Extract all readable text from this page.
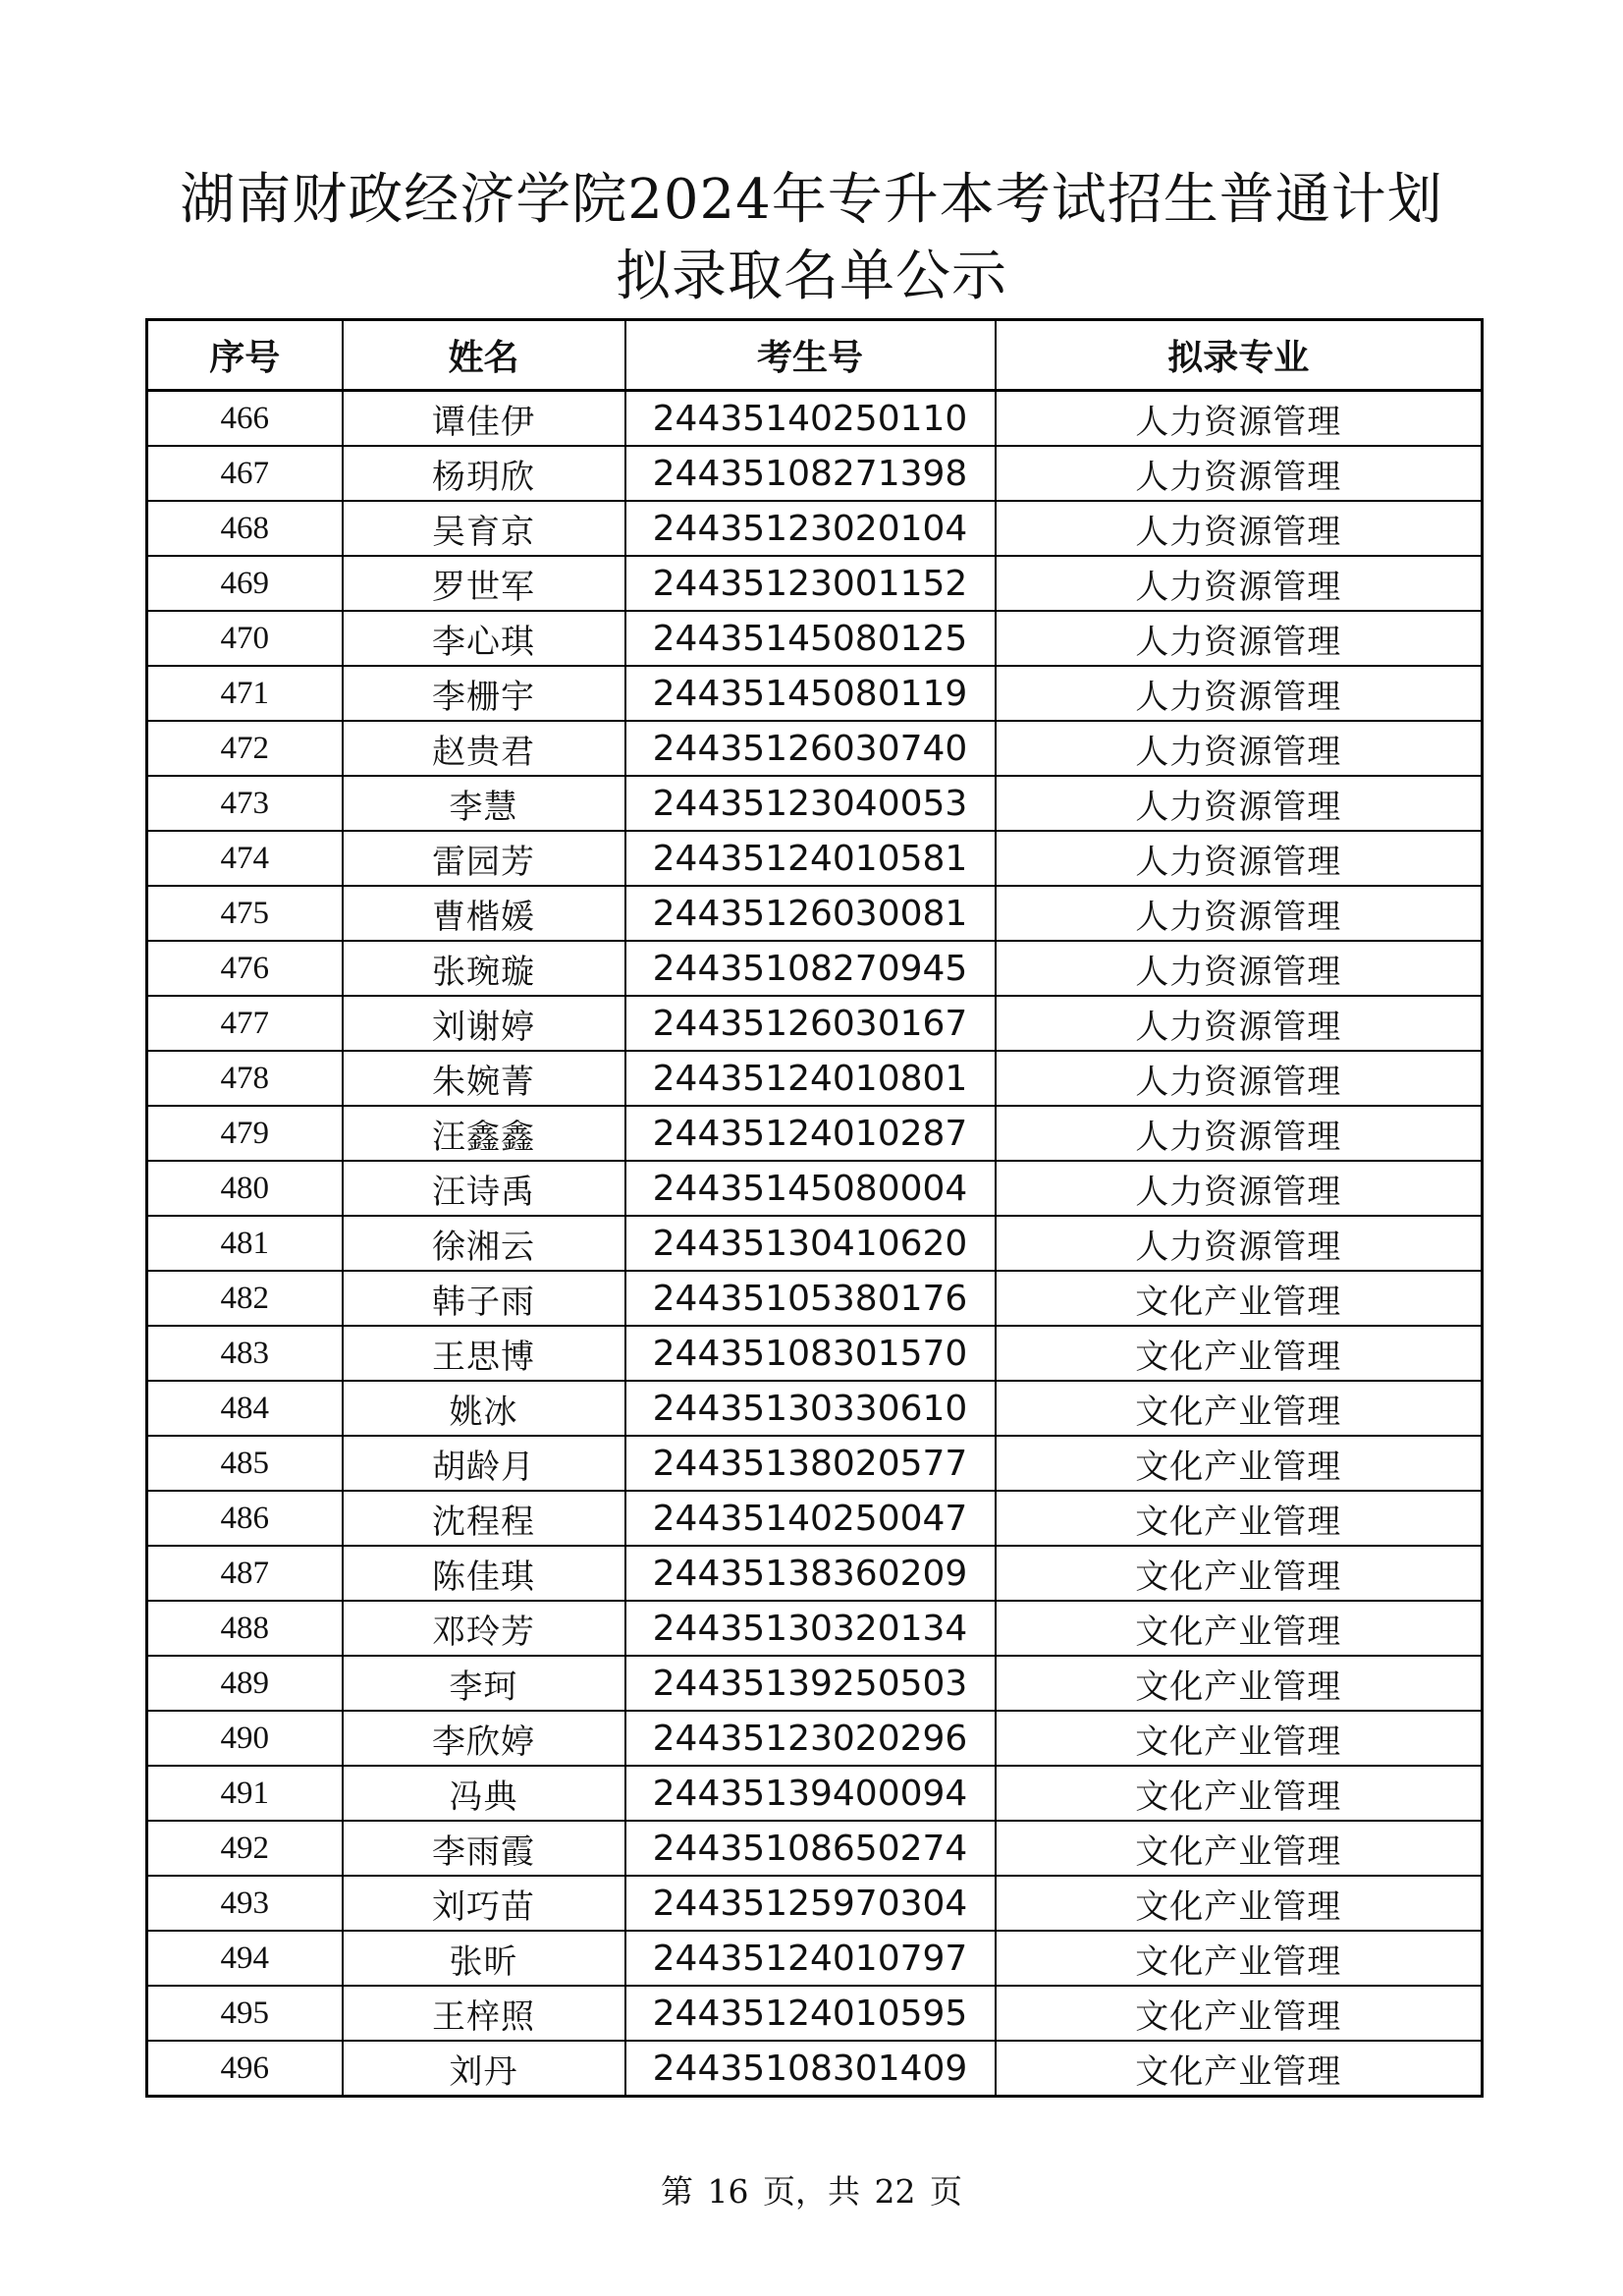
湖南财政经济学院2024年专升本考试招生普通计划
拟录取名单公示
序号	姓名	考生号	拟录专业
466	谭佳伊	24435140250110	人力资源管理
467	杨玥欣	24435108271398	人力资源管理
468	吴育京	24435123020104	人力资源管理
469	罗世军	24435123001152	人力资源管理
470	李心琪	24435145080125	人力资源管理
471	李栅宇	24435145080119	人力资源管理
472	赵贵君	24435126030740	人力资源管理
473	李慧	24435123040053	人力资源管理
474	雷园芳	24435124010581	人力资源管理
475	曹楷媛	24435126030081	人力资源管理
476	张琬璇	24435108270945	人力资源管理
477	刘谢婷	24435126030167	人力资源管理
478	朱婉菁	24435124010801	人力资源管理
479	汪鑫鑫	24435124010287	人力资源管理
480	汪诗禹	24435145080004	人力资源管理
481	徐湘云	24435130410620	人力资源管理
482	韩子雨	24435105380176	文化产业管理
483	王思博	24435108301570	文化产业管理
484	姚冰	24435130330610	文化产业管理
485	胡龄月	24435138020577	文化产业管理
486	沈程程	24435140250047	文化产业管理
487	陈佳琪	24435138360209	文化产业管理
488	邓玲芳	24435130320134	文化产业管理
489	李珂	24435139250503	文化产业管理
490	李欣婷	24435123020296	文化产业管理
491	冯典	24435139400094	文化产业管理
492	李雨霞	24435108650274	文化产业管理
493	刘巧苗	24435125970304	文化产业管理
494	张昕	24435124010797	文化产业管理
495	王梓照	24435124010595	文化产业管理
496	刘丹	24435108301409	文化产业管理
第 16 页，共 22 页
